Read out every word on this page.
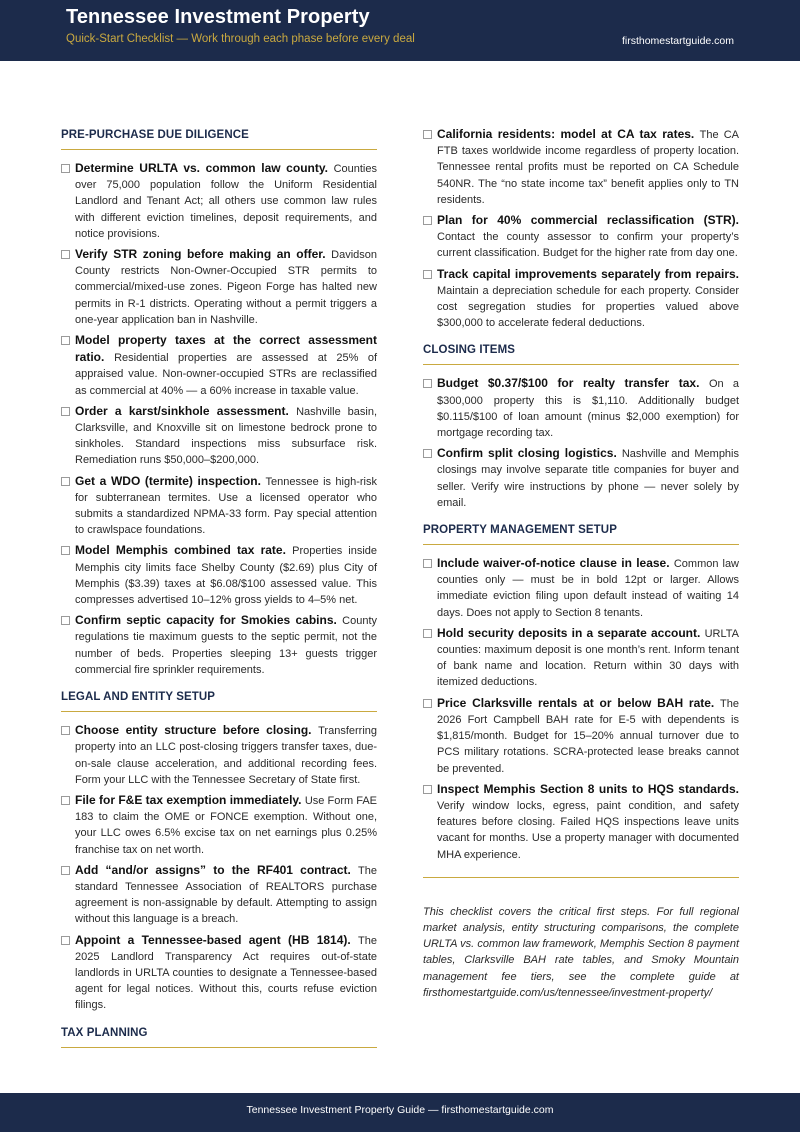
Tennessee Investment Property
Quick-Start Checklist — Work through each phase before every deal	firsthomestartguide.com
PRE-PURCHASE DUE DILIGENCE
Determine URLTA vs. common law county. Counties over 75,000 population follow the Uniform Residential Landlord and Tenant Act; all others use common law rules with different eviction timelines, deposit requirements, and notice provisions.
Verify STR zoning before making an offer. Davidson County restricts Non-Owner-Occupied STR permits to commercial/mixed-use zones. Pigeon Forge has halted new permits in R-1 districts. Operating without a permit triggers a one-year application ban in Nashville.
Model property taxes at the correct assessment ratio. Residential properties are assessed at 25% of appraised value. Non-owner-occupied STRs are reclassified as commercial at 40% — a 60% increase in taxable value.
Order a karst/sinkhole assessment. Nashville basin, Clarksville, and Knoxville sit on limestone bedrock prone to sinkholes. Standard inspections miss subsurface risk. Remediation runs $50,000–$200,000.
Get a WDO (termite) inspection. Tennessee is high-risk for subterranean termites. Use a licensed operator who submits a standardized NPMA-33 form. Pay special attention to crawlspace foundations.
Model Memphis combined tax rate. Properties inside Memphis city limits face Shelby County ($2.69) plus City of Memphis ($3.39) taxes at $6.08/$100 assessed value. This compresses advertised 10–12% gross yields to 4–5% net.
Confirm septic capacity for Smokies cabins. County regulations tie maximum guests to the septic permit, not the number of beds. Properties sleeping 13+ guests trigger commercial fire sprinkler requirements.
LEGAL AND ENTITY SETUP
Choose entity structure before closing. Transferring property into an LLC post-closing triggers transfer taxes, due-on-sale clause acceleration, and additional recording fees. Form your LLC with the Tennessee Secretary of State first.
File for F&E tax exemption immediately. Use Form FAE 183 to claim the OME or FONCE exemption. Without one, your LLC owes 6.5% excise tax on net earnings plus 0.25% franchise tax on net worth.
Add “and/or assigns” to the RF401 contract. The standard Tennessee Association of REALTORS purchase agreement is non-assignable by default. Attempting to assign without this language is a breach.
Appoint a Tennessee-based agent (HB 1814). The 2025 Landlord Transparency Act requires out-of-state landlords in URLTA counties to designate a Tennessee-based agent for legal notices. Without this, courts refuse eviction filings.
TAX PLANNING
California residents: model at CA tax rates. The CA FTB taxes worldwide income regardless of property location. Tennessee rental profits must be reported on CA Schedule 540NR. The “no state income tax” benefit applies only to TN residents.
Plan for 40% commercial reclassification (STR). Contact the county assessor to confirm your property’s current classification. Budget for the higher rate from day one.
Track capital improvements separately from repairs. Maintain a depreciation schedule for each property. Consider cost segregation studies for properties valued above $300,000 to accelerate federal deductions.
CLOSING ITEMS
Budget $0.37/$100 for realty transfer tax. On a $300,000 property this is $1,110. Additionally budget $0.115/$100 of loan amount (minus $2,000 exemption) for mortgage recording tax.
Confirm split closing logistics. Nashville and Memphis closings may involve separate title companies for buyer and seller. Verify wire instructions by phone — never solely by email.
PROPERTY MANAGEMENT SETUP
Include waiver-of-notice clause in lease. Common law counties only — must be in bold 12pt or larger. Allows immediate eviction filing upon default instead of waiting 14 days. Does not apply to Section 8 tenants.
Hold security deposits in a separate account. URLTA counties: maximum deposit is one month’s rent. Inform tenant of bank name and location. Return within 30 days with itemized deductions.
Price Clarksville rentals at or below BAH rate. The 2026 Fort Campbell BAH rate for E-5 with dependents is $1,815/month. Budget for 15–20% annual turnover due to PCS military rotations. SCRA-protected lease breaks cannot be prevented.
Inspect Memphis Section 8 units to HQS standards. Verify window locks, egress, paint condition, and safety features before closing. Failed HQS inspections leave units vacant for months. Use a property manager with documented MHA experience.
This checklist covers the critical first steps. For full regional market analysis, entity structuring comparisons, the complete URLTA vs. common law framework, Memphis Section 8 payment tables, Clarksville BAH rate tables, and Smoky Mountain management fee tiers, see the complete guide at firsthomestartguide.com/us/tennessee/investment-property/
Tennessee Investment Property Guide — firsthomestartguide.com
